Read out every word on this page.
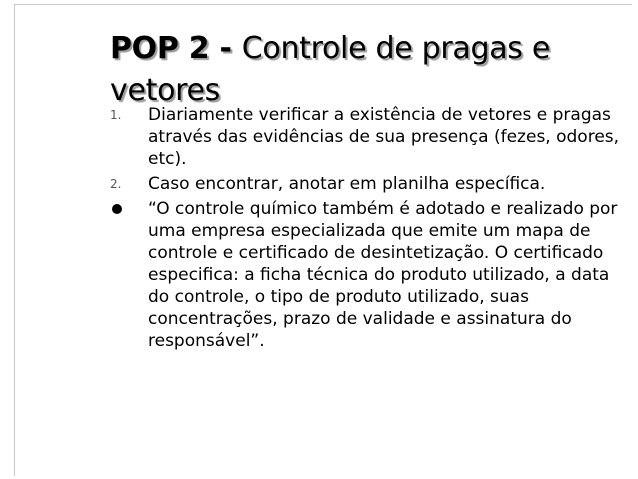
POP 2 - Controle de pragas e vetores
1. Diariamente verificar a existência de vetores e pragas através das evidências de sua presença (fezes, odores, etc).
2. Caso encontrar, anotar em planilha específica.
“O controle químico também é adotado e realizado por uma empresa especializada que emite um mapa de controle e certificado de desintetização. O certificado especifica: a ficha técnica do produto utilizado, a data do controle, o tipo de produto utilizado, suas concentrações, prazo de validade e assinatura do responsável”.
